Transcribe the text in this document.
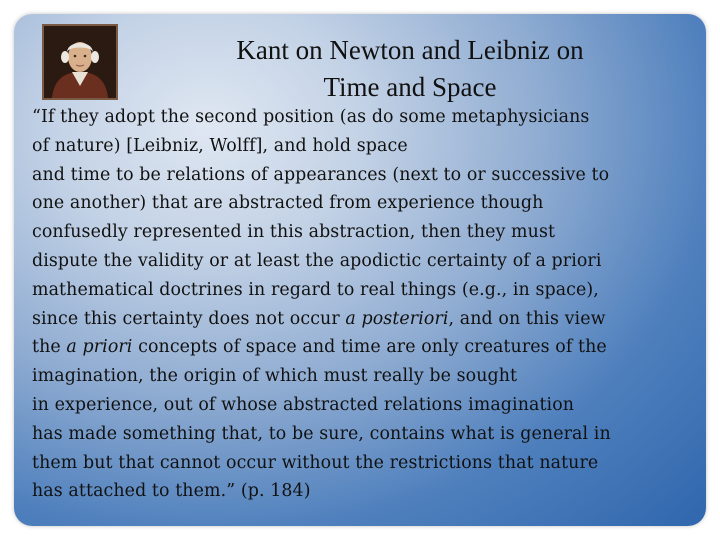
Kant on Newton and Leibniz on
Time and Space
“If they adopt the second position (as do some metaphysicians
of nature) [Leibniz, Wolff], and hold space
and time to be relations of appearances (next to or successive to
one another) that are abstracted from experience though
confusedly represented in this abstraction, then they must
dispute the validity or at least the apodictic certainty of a priori
mathematical doctrines in regard to real things (e.g., in space),
since this certainty does not occur a posteriori, and on this view
the a priori concepts of space and time are only creatures of the
imagination, the origin of which must really be sought
in experience, out of whose abstracted relations imagination
has made something that, to be sure, contains what is general in
them but that cannot occur without the restrictions that nature
has attached to them.” (p. 184)
